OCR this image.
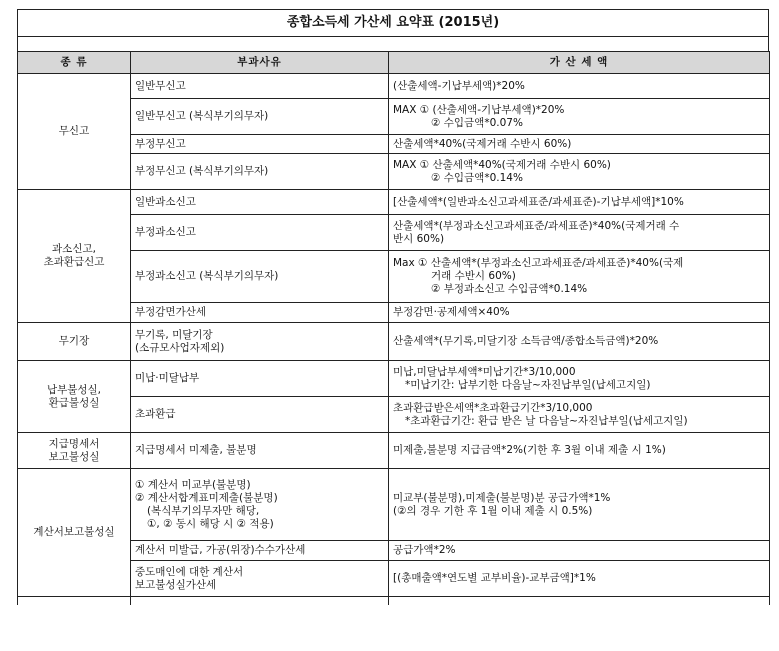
종합소득세 가산세 요약표 (2015년)
종 류	부과사유	가 산 세 액

무신고	일반무신고	(산출세액-기납부세액)*20%

	일반무신고 (복식부기의무자)	MAX ① (산출세액-기납부세액)*20%
② 수입금액*0.07%

	부정무신고	산출세액*40%(국제거래 수반시 60%)

	부정무신고 (복식부기의무자)	MAX ① 산출세액*40%(국제거래 수반시 60%)
② 수입금액*0.14%

과소신고,
초과환급신고	일반과소신고	[산출세액*(일반과소신고과세표준/과세표준)-기납부세액]*10%

	부정과소신고	산출세액*(부정과소신고과세표준/과세표준)*40%(국제거래 수
반시 60%)

	부정과소신고 (복식부기의무자)	Max ① 산출세액*(부정과소신고과세표준/과세표준)*40%(국제
거래 수반시 60%)
② 부정과소신고 수입금액*0.14%

	부정감면가산세	부정감면·공제세액×40%

무기장	무기록, 미달기장
(소규모사업자제외)	산출세액*(무기록,미달기장 소득금액/종합소득금액)*20%

납부불성실,
환급불성실	미납·미달납부	미납,미달납부세액*미납기간*3/10,000
*미납기간: 납부기한 다음날~자진납부일(납세고지일)

	초과환급	초과환급받은세액*초과환급기간*3/10,000
*초과환급기간: 환급 받은 날 다음날~자진납부일(납세고지일)

지급명세서
보고불성실	지급명세서 미제출, 불분명	미제출,불분명 지급금액*2%(기한 후 3월 이내 제출 시 1%)

계산서보고불성실	① 계산서 미교부(불분명)
② 계산서합계표미제출(불분명)
(복식부기의무자만 해당,
①, ② 동시 해당 시 ② 적용)	미교부(불분명),미제출(불분명)분 공급가액*1%
(②의 경우 기한 후 1월 이내 제출 시 0.5%)

	계산서 미발급, 가공(위장)수수가산세	공급가액*2%

	중도매인에 대한 계산서
보고불성실가산세	[(총매출액*연도별 교부비율)-교부금액]*1%
